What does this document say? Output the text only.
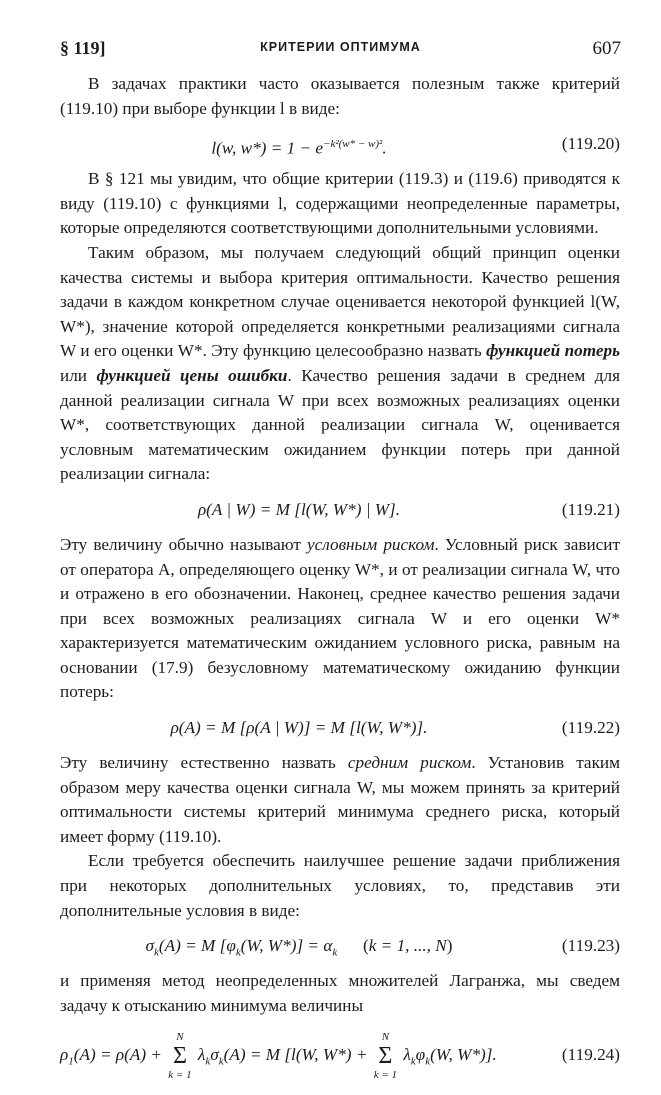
§ 119]	КРИТЕРИИ ОПТИМУМА	607

В задачах практики часто оказывается полезным также критерий (119.10) при выборе функции l в виде:

l(w, $w*) = 1 - e^{-k^2(w* - w)^2}$.	(119.20)

В § 121 мы увидим, что общие критерии (119.3) и (119.6) приводятся к виду (119.10) с функциями l, содержащими неопределенные параметры, которые определяются соответствующими дополнительными условиями.

Таким образом, мы получаем следующий общий принцип оценки качества системы и выбора критерия оптимальности. Качество решения задачи в каждом конкретном случае оценивается некоторой функцией l(W, W*), значение которой определяется конкретными реализациями сигнала W и его оценки W*. Эту функцию целесообразно назвать функцией потерь или функцией цены ошибки. Качество решения задачи в среднем для данной реализации сигнала W при всех возможных реализациях оценки W*, соответствующих данной реализации сигнала W, оценивается условным математическим ожиданием функции потерь при данной реализации сигнала:

ρ(A | W) = M [l(W, W*) | W].	(119.21)

Эту величину обычно называют условным риском. Условный риск зависит от оператора A, определяющего оценку W*, и от реализации сигнала W, что и отражено в его обозначении. Наконец, среднее качество решения задачи при всех возможных реализациях сигнала W и его оценки W* характеризуется математическим ожиданием условного риска, равным на основании (17.9) безусловному математическому ожиданию функции потерь:

ρ(A) = M [ρ(A | W)] = M [l(W, W*)].	(119.22)

Эту величину естественно назвать средним риском. Установив таким образом меру качества оценки сигнала W, мы можем принять за критерий оптимальности системы критерий минимума среднего риска, который имеет форму (119.10).

Если требуется обеспечить наилучшее решение задачи приближения при некоторых дополнительных условиях, то, представив эти дополнительные условия в виде:

$\sigma_k(A) = M$ [$\varphi_k(W$, $W*)] = \alpha_k$ (k = 1, ..., N)	(119.23)

и применяя метод неопределенных множителей Лагранжа, мы сведем задачу к отысканию минимума величины

$\rho_1(A) = \rho(A)$ +
N
Σ
k = 1
$\lambda_k\sigma_k(A) = M$ [l(W, W*) +
N
Σ
k = 1
$\lambda_k\varphi_k(W$, W*)].	(119.24)
